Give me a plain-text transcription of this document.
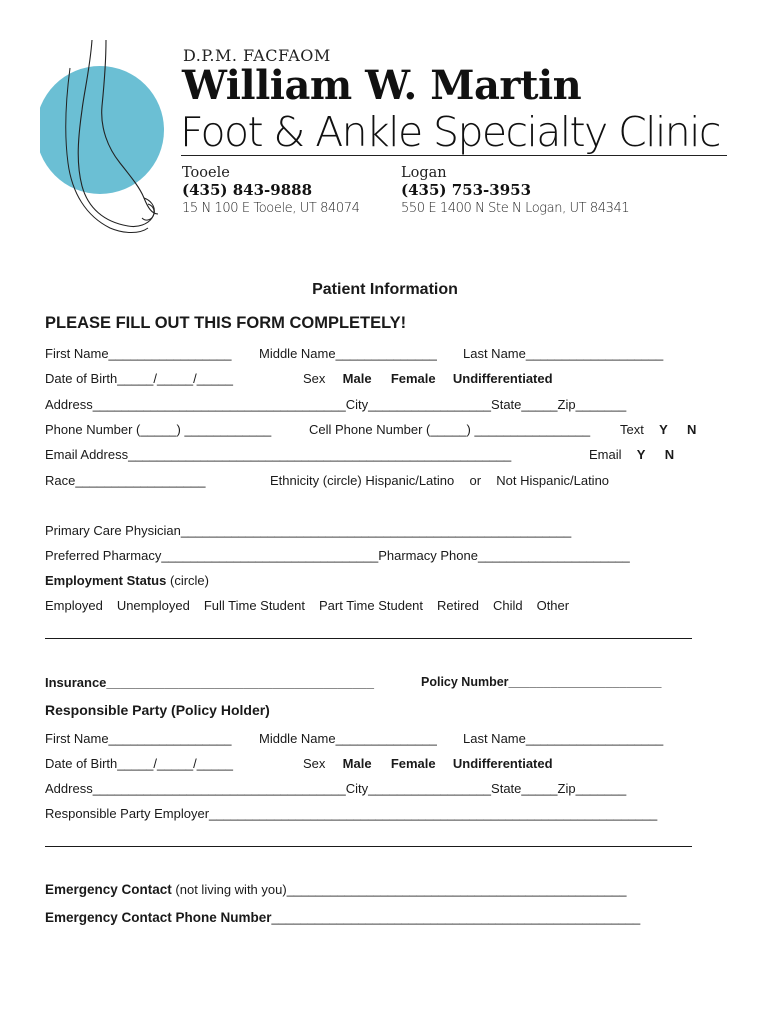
D.P.M. FACFAOM
William W. Martin
Foot & Ankle Specialty Clinic
Tooele
(435) 843-9888
15 N 100 E Tooele, UT 84074
Logan
(435) 753-3953
550 E 1400 N Ste N Logan, UT 84341
Patient Information
PLEASE FILL OUT THIS FORM COMPLETELY!
First Name_________________ Middle Name______________ Last Name___________________
Date of Birth_____/_____/_____	Sex Male Female Undifferentiated
Address___________________________________City_________________State_____Zip_______
Phone Number (_____) ____________	Cell Phone Number (_____) ________________ Text Y N
Email Address_____________________________________________________	Email Y N
Race__________________	Ethnicity (circle) Hispanic/Latino or Not Hispanic/Latino
Primary Care Physician______________________________________________________
Preferred Pharmacy______________________________Pharmacy Phone_____________________
Employment Status (circle)
Employed Unemployed Full Time Student Part Time Student Retired Child Other
Insurance_____________________________________	Policy Number______________________
Responsible Party (Policy Holder)
First Name_________________ Middle Name______________ Last Name___________________
Date of Birth_____/_____/_____	Sex Male Female Undifferentiated
Address___________________________________City_________________State_____Zip_______
Responsible Party Employer______________________________________________________________
Emergency Contact (not living with you)_______________________________________________
Emergency Contact Phone Number___________________________________________________
